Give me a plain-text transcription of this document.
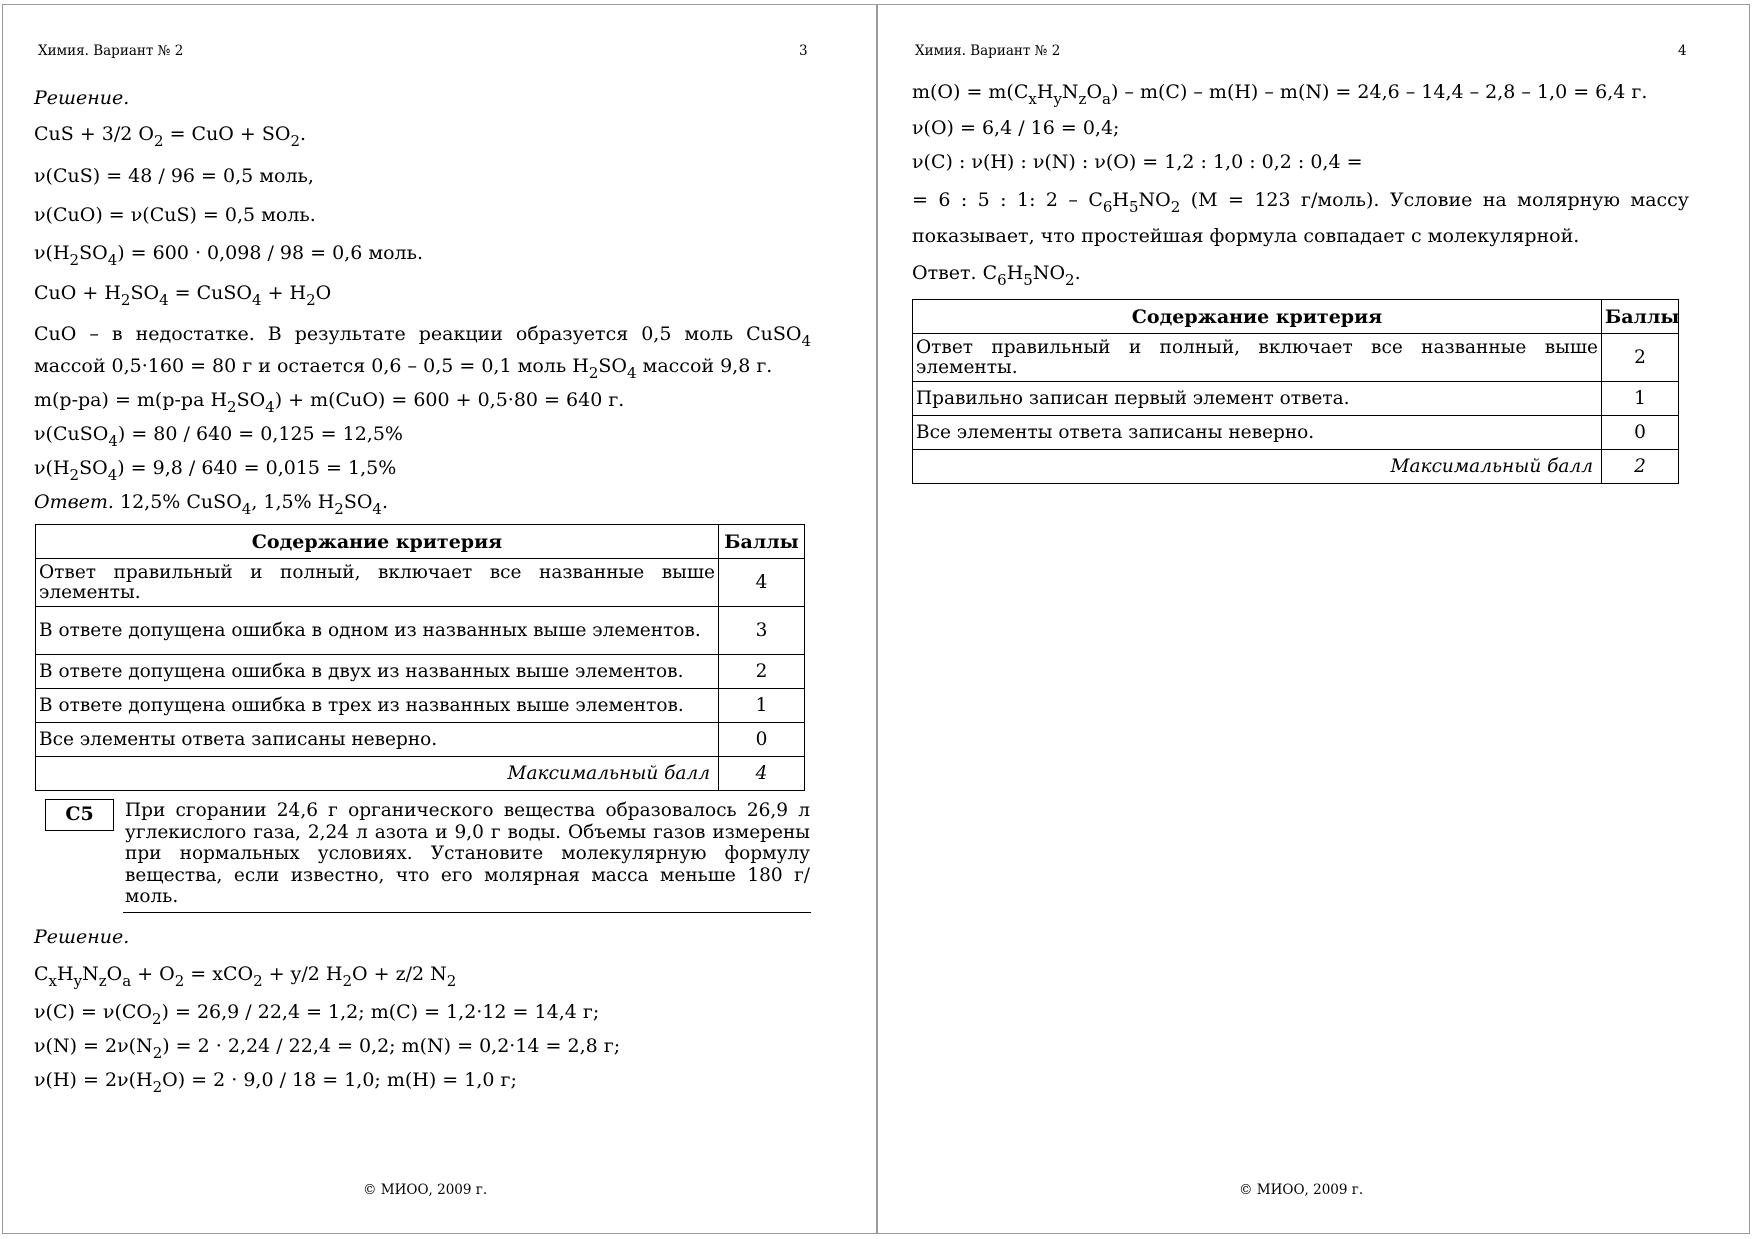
Химия. Вариант № 2	3
Решение.
CuS + 3/2 $O_2$ = CuO + $SO_2$.
ν(CuS) = 48 / 96 = 0,5 моль,
ν(CuO) = ν(CuS) = 0,5 моль.
$\nu(H_2SO_4) = 600 \cdot 0,098 / 98 = 0,6$ моль.
CuO + $H_2SO_4$ = CuSO$_4$ + $H_2O$
CuO – в недостатке. В результате реакции образуется 0,5 моль CuSO$_4$
массой 0,5·160 = 80 г и остается 0,6 – 0,5 = 0,1 моль $H_2SO_4$ массой 9,8 г.
m(р-ра) = m(р-ра $H_2SO_4) + m(CuO) = 600 + 0,5\cdot 80 = 640$ г.
ν(CuSO$_4$) = 80 / 640 = 0,125 = 12,5%
$\nu(H_2SO_4) = 9,8 / 640 = 0,015 = 1,5\%$
Ответ. 12,5% CuSO$_4$, 1,5% $H_2SO_4$.
Содержание критерия	Баллы
Ответ правильный и полный, включает все названные выше элементы.	4
В ответе допущена ошибка в одном из названных выше элементов.	3
В ответе допущена ошибка в двух из названных выше элементов.	2
В ответе допущена ошибка в трех из названных выше элементов.	1
Все элементы ответа записаны неверно.	0
Максимальный балл	4
C5	При сгорании 24,6 г органического вещества образовалось 26,9 л углекислого газа, 2,24 л азота и 9,0 г воды. Объемы газов измерены при нормальных условиях. Установите молекулярную формулу вещества, если известно, что его молярная масса меньше 180 г/моль.
Решение.
$C_xH_yN_zO_a + O_2 = xCO_2 + y/2$ $H_2O + z/2$ $N_2$
$\nu(C) = \nu(CO_2) = 26,9 / 22,4 = 1,2$; m(C) = 1,2·12 = 14,4 г;
$\nu(N) = 2\nu(N_2) = 2 \cdot 2,24 / 22,4 = 0,2$; m(N) = 0,2·14 = 2,8 г;
$\nu(H) = 2\nu(H_2O) = 2 \cdot 9,0 / 18 = 1,0$; m(H) = 1,0 г;
© МИОО, 2009 г.
Химия. Вариант № 2	4
$m(O) = m(C_xH_yN_zO_a) - m(C) - m(H) - m(N) = 24,6 - 14,4 - 2,8 - 1,0 = 6,4$ г.
ν(O) = 6,4 / 16 = 0,4;
ν(C) : ν(H) : ν(N) : ν(O) = 1,2 : 1,0 : 0,2 : 0,4 =
= 6 : 5 : 1: $2 - C_6H_5NO_2$ (M = 123 г/моль). Условие на молярную массу
показывает, что простейшая формула совпадает с молекулярной.
Ответ. $C_6H_5NO_2$.
Содержание критерия	Баллы
Ответ правильный и полный, включает все названные выше элементы.	2
Правильно записан первый элемент ответа.	1
Все элементы ответа записаны неверно.	0
Максимальный балл	2
© МИОО, 2009 г.
